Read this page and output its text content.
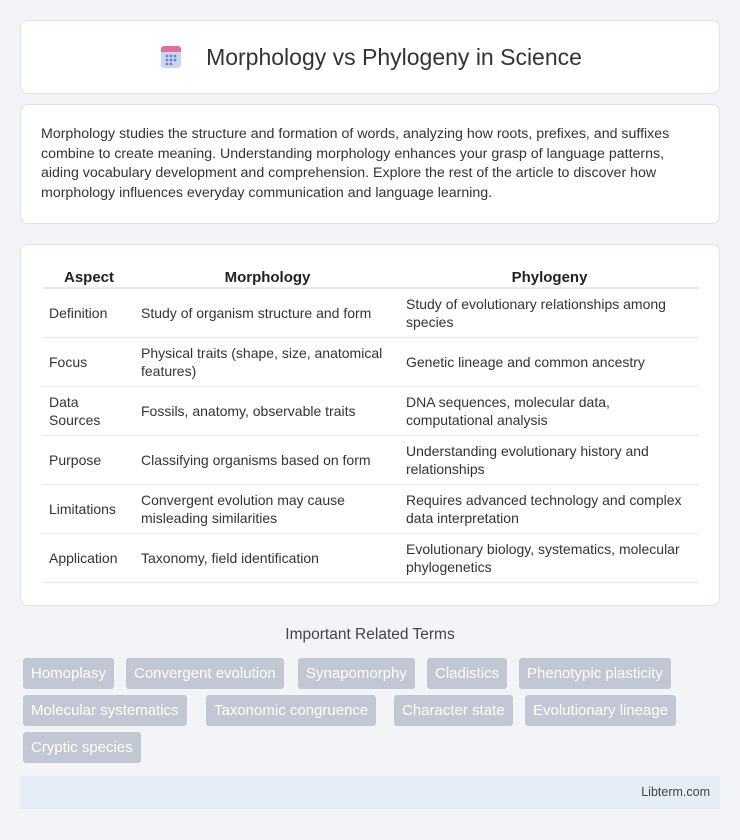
Morphology vs Phylogeny in Science

Morphology studies the structure and formation of words, analyzing how roots, prefixes, and suffixes combine to create meaning. Understanding morphology enhances your grasp of language patterns, aiding vocabulary development and comprehension. Explore the rest of the article to discover how morphology influences everyday communication and language learning.

Aspect	Morphology	Phylogeny
Definition	Study of organism structure and form	Study of evolutionary relationships among species
Focus	Physical traits (shape, size, anatomical features)	Genetic lineage and common ancestry
Data Sources	Fossils, anatomy, observable traits	DNA sequences, molecular data, computational analysis
Purpose	Classifying organisms based on form	Understanding evolutionary history and relationships
Limitations	Convergent evolution may cause misleading similarities	Requires advanced technology and complex data interpretation
Application	Taxonomy, field identification	Evolutionary biology, systematics, molecular phylogenetics
Important Related Terms
Homoplasy	Convergent evolution	Synapomorphy	Cladistics	Phenotypic plasticity
Molecular systematics	Taxonomic congruence	Character state	Evolutionary lineage
Cryptic species
Libterm.com
